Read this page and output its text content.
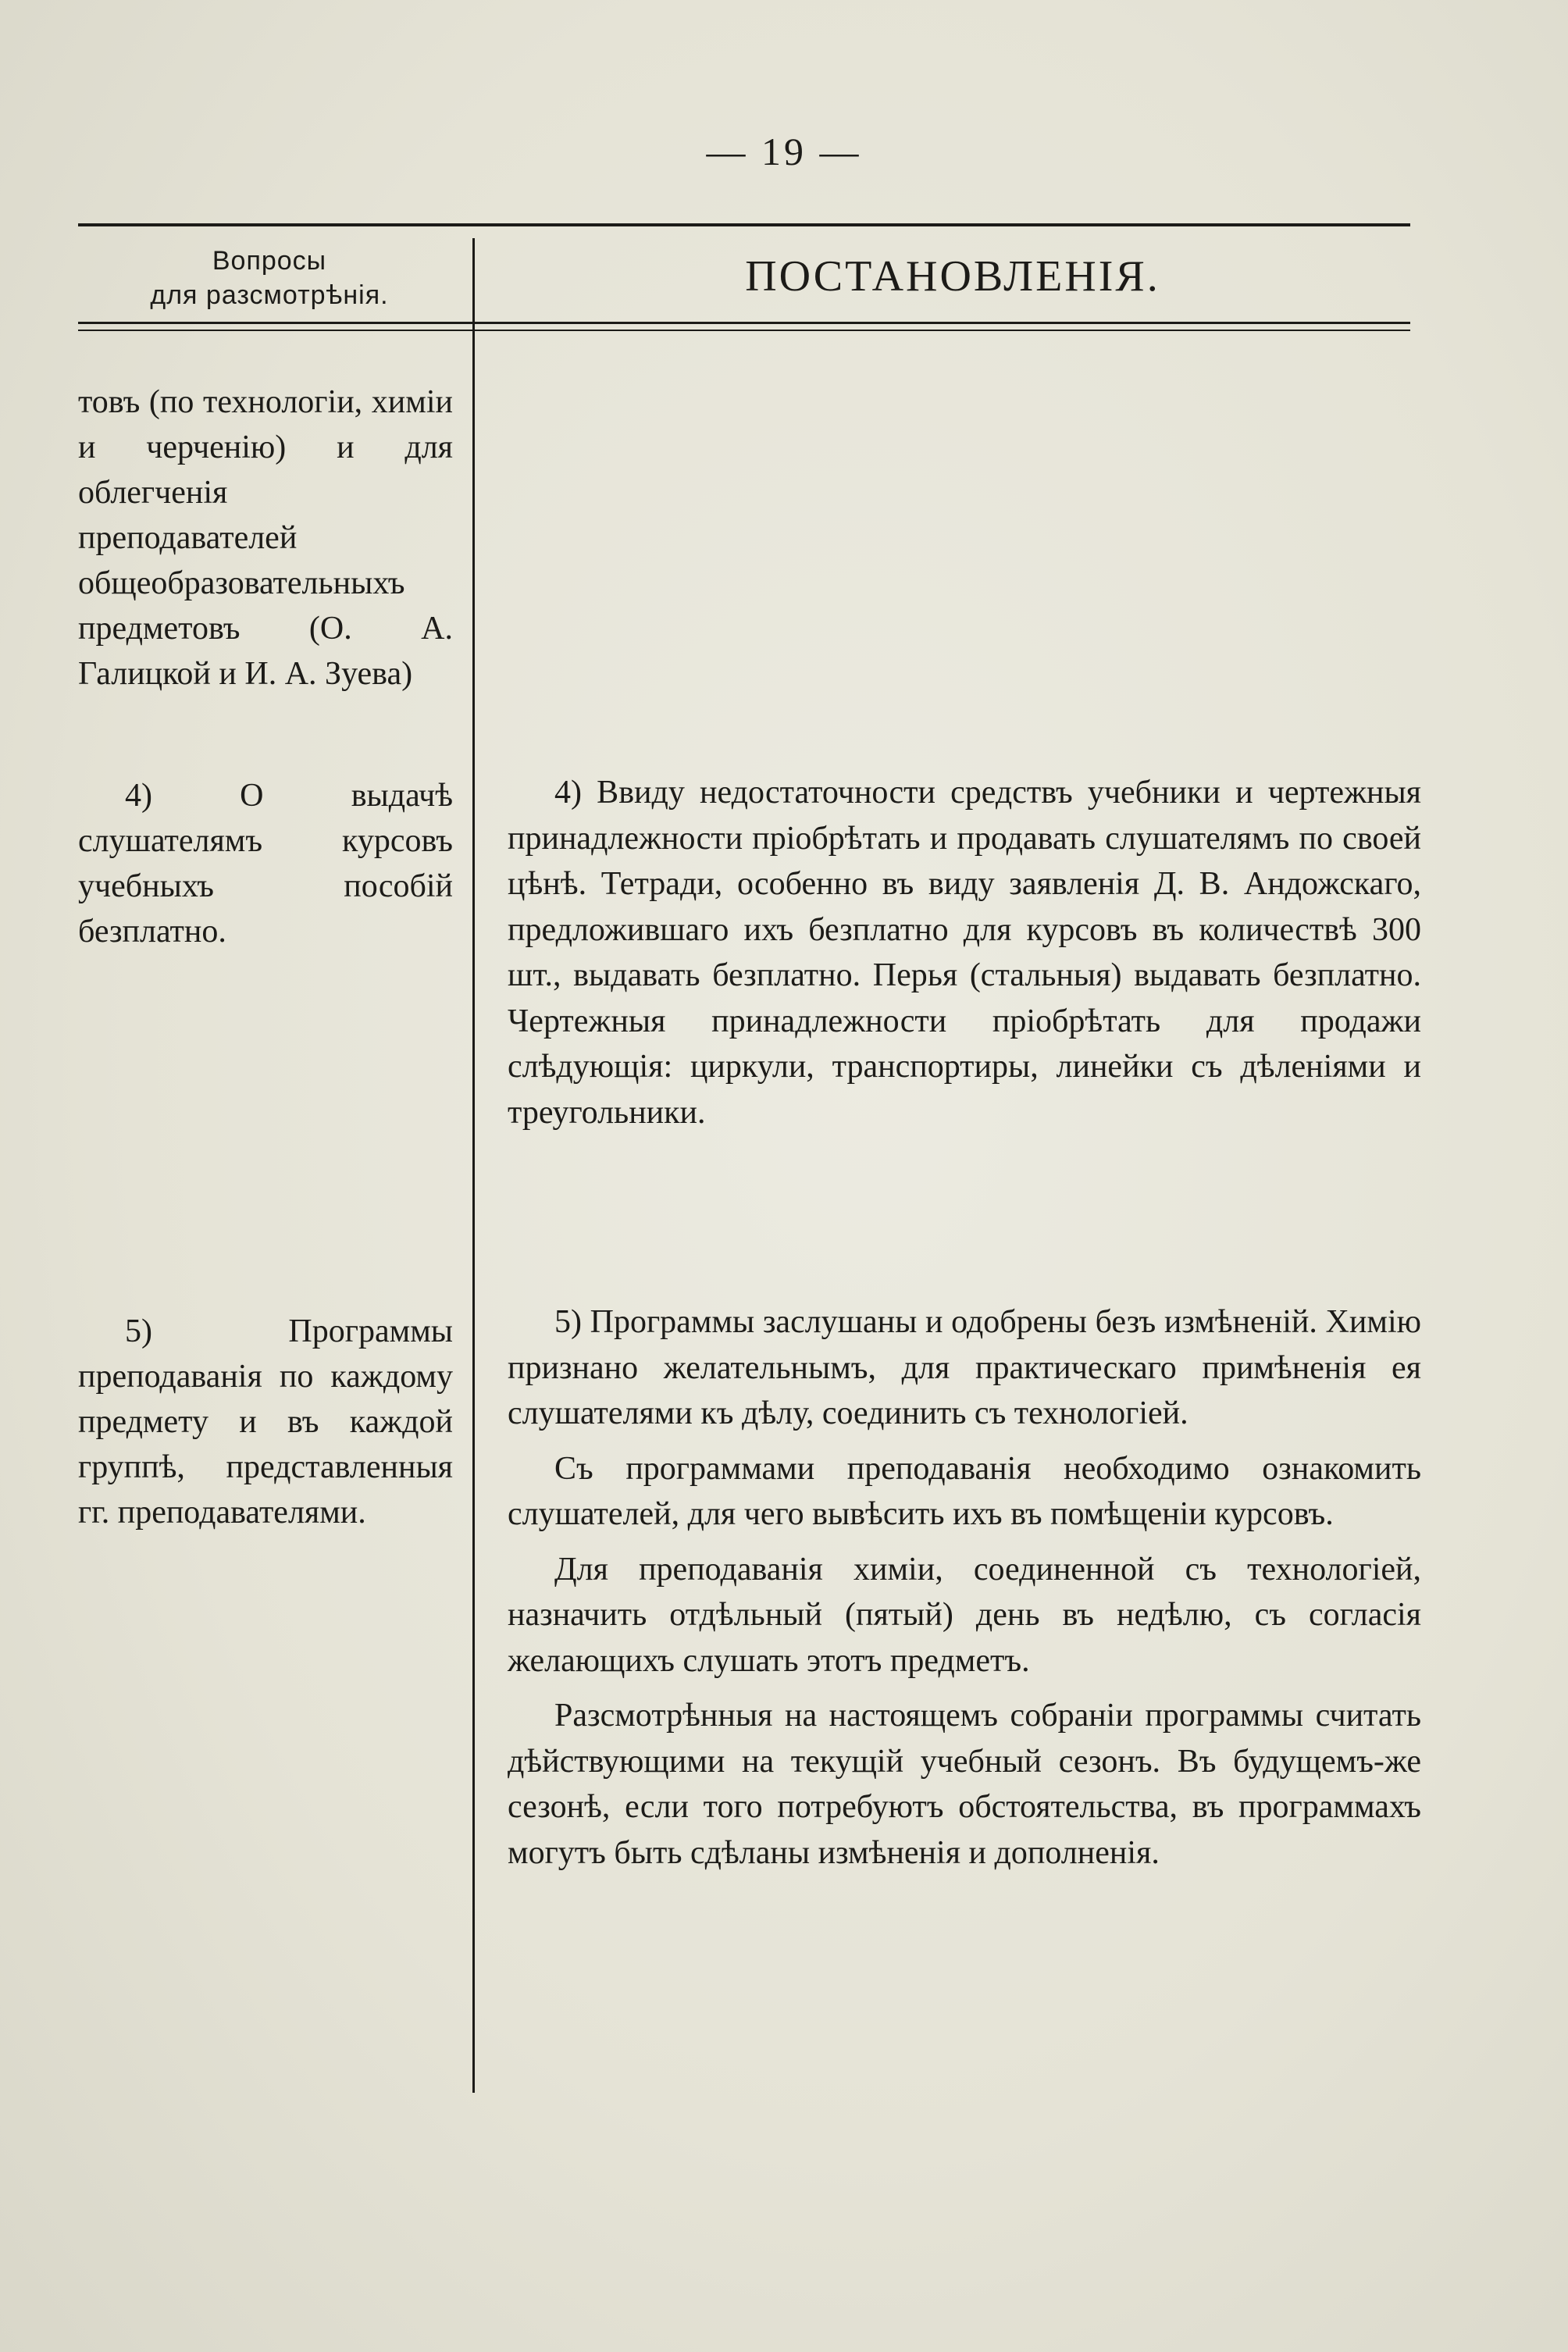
— 19 —
Вопросы
для разсмотрѣнія.	ПОСТАНОВЛЕНІЯ.

товъ (по технологіи, химіи и черченію) и для облегченія преподавателей общеобразовательныхъ предметовъ (О. А. Галицкой и И. А. Зуева)

4) О выдачѣ слушателямъ курсовъ учебныхъ пособій безплатно.

5) Программы преподаванія по каждому предмету и въ каждой группѣ, представленныя гг. преподавателями.

4) Ввиду недостаточности средствъ учебники и чертежныя принадлежности пріобрѣтать и продавать слушателямъ по своей цѣнѣ. Тетради, особенно въ виду заявленія Д. В. Андожскаго, предложившаго ихъ безплатно для курсовъ въ количествѣ 300 шт., выдавать безплатно. Перья (стальныя) выдавать безплатно. Чертежныя принадлежности пріобрѣтать для продажи слѣдующія: циркули, транспортиры, линейки съ дѣленіями и треугольники.

5) Программы заслушаны и одобрены безъ измѣненій. Химію признано желательнымъ, для практическаго примѣненія ея слушателями къ дѣлу, соединить съ технологіей.

Съ программами преподаванія необходимо ознакомить слушателей, для чего вывѣсить ихъ въ помѣщеніи курсовъ.

Для преподаванія химіи, соединенной съ технологіей, назначить отдѣльный (пятый) день въ недѣлю, съ согласія желающихъ слушать этотъ предметъ.

Разсмотрѣнныя на настоящемъ собраніи программы считать дѣйствующими на текущій учебный сезонъ. Въ будущемъ-же сезонѣ, если того потребуютъ обстоятельства, въ программахъ могутъ быть сдѣланы измѣненія и дополненія.
